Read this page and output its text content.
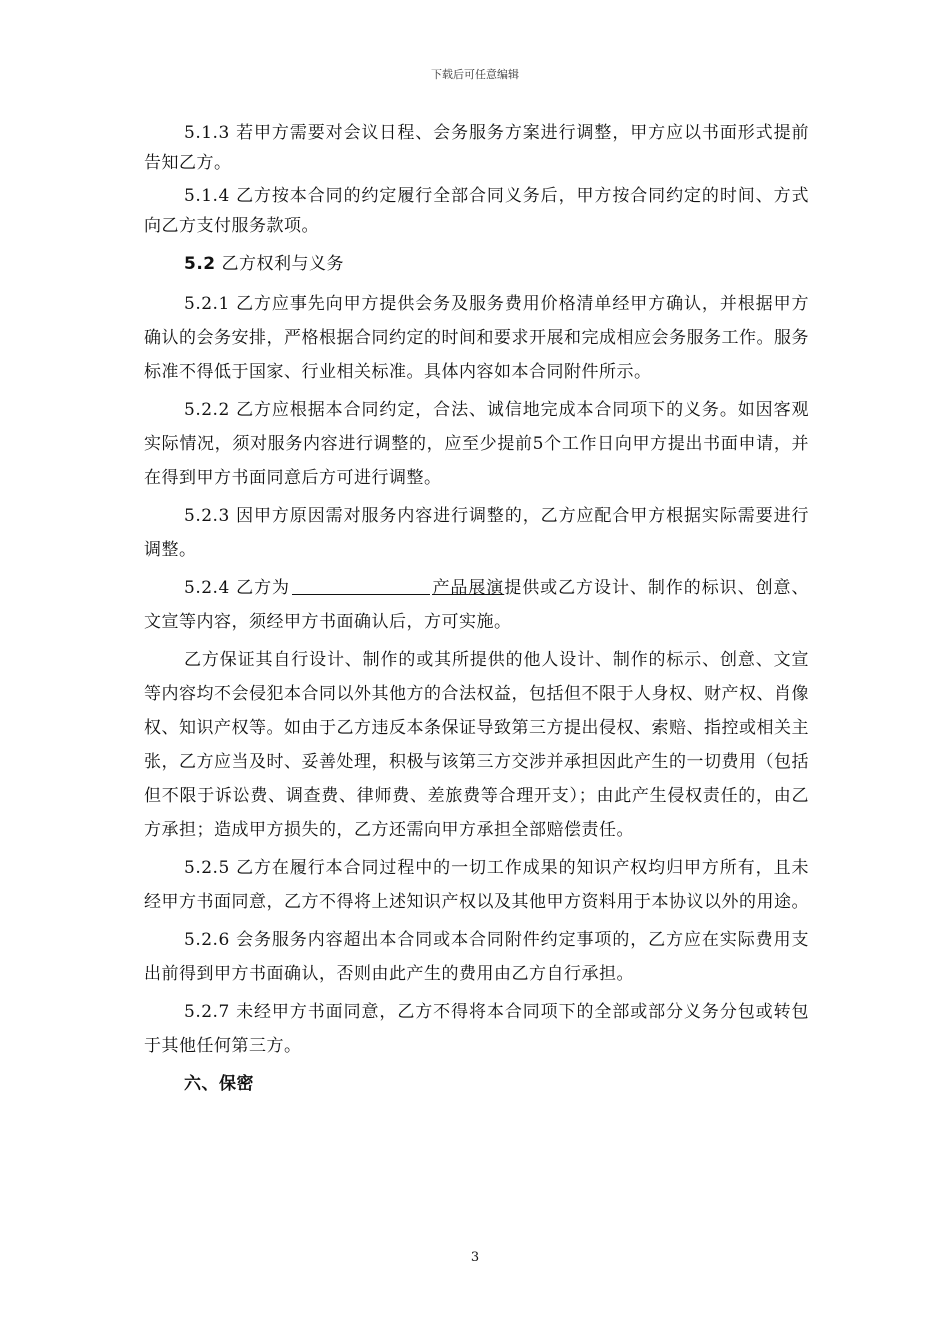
下载后可任意编辑

5.1.3 若甲方需要对会议日程、会务服务方案进行调整，甲方应以书面形式提前告知乙方。

5.1.4 乙方按本合同的约定履行全部合同义务后，甲方按合同约定的时间、方式向乙方支付服务款项。

5.2 乙方权利与义务

5.2.1 乙方应事先向甲方提供会务及服务费用价格清单经甲方确认，并根据甲方确认的会务安排，严格根据合同约定的时间和要求开展和完成相应会务服务工作。服务标准不得低于国家、行业相关标准。具体内容如本合同附件所示。

5.2.2 乙方应根据本合同约定，合法、诚信地完成本合同项下的义务。如因客观实际情况，须对服务内容进行调整的，应至少提前5个工作日向甲方提出书面申请，并在得到甲方书面同意后方可进行调整。

5.2.3 因甲方原因需对服务内容进行调整的，乙方应配合甲方根据实际需要进行调整。

5.2.4 乙方为	产品展演提供或乙方设计、制作的标识、创意、文宣等内容，须经甲方书面确认后，方可实施。

乙方保证其自行设计、制作的或其所提供的他人设计、制作的标示、创意、文宣等内容均不会侵犯本合同以外其他方的合法权益，包括但不限于人身权、财产权、肖像权、知识产权等。如由于乙方违反本条保证导致第三方提出侵权、索赔、指控或相关主张，乙方应当及时、妥善处理，积极与该第三方交涉并承担因此产生的一切费用（包括但不限于诉讼费、调查费、律师费、差旅费等合理开支）；由此产生侵权责任的，由乙方承担；造成甲方损失的，乙方还需向甲方承担全部赔偿责任。

5.2.5 乙方在履行本合同过程中的一切工作成果的知识产权均归甲方所有，且未经甲方书面同意，乙方不得将上述知识产权以及其他甲方资料用于本协议以外的用途。

5.2.6 会务服务内容超出本合同或本合同附件约定事项的，乙方应在实际费用支出前得到甲方书面确认，否则由此产生的费用由乙方自行承担。

5.2.7 未经甲方书面同意，乙方不得将本合同项下的全部或部分义务分包或转包于其他任何第三方。

六、保密

3
